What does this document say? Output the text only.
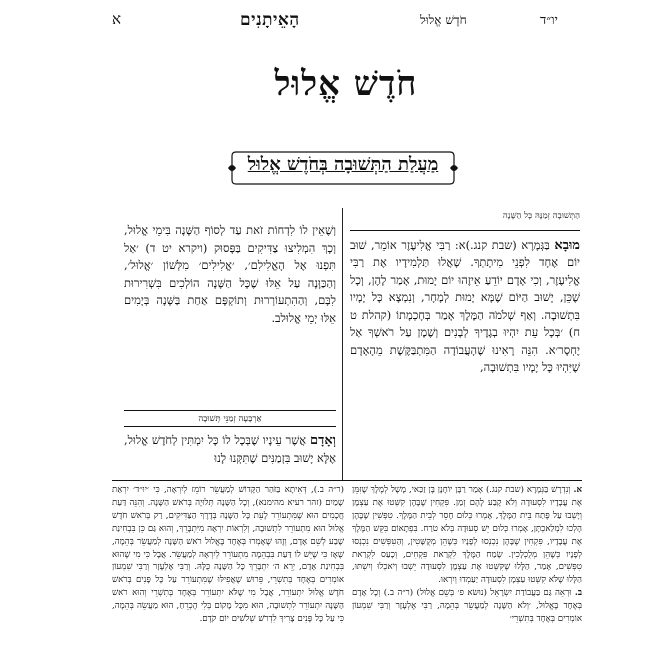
א	הָאֵיתָנִים	חֹדֶשׁ אֱלוּל	יו״ד
חֹדֶשׁ אֱלוּל
מַעֲלַת הַתְּשׁוּבָה בְּחֹדֶשׁ אֱלוּל
הַתְּשׁוּבָה זְמַנָּהּ כָּל הַשָּׁנָה
מוּבָא בַּגְּמָרָא (שבת קנג.)א: רַבִּי אֱלִיעֶזֶר אוֹמֵר, שׁוּב יוֹם אֶחָד לִפְנֵי מִיתָתְךָ. שָׁאֲלוּ תַּלְמִידָיו אֶת רַבִּי אֱלִיעֶזֶר, וְכִי אָדָם יוֹדֵעַ אֵיזֶהוּ יוֹם יָמוּת, אָמַר לָהֶן, וְכָל שֶׁכֵּן, יָשׁוּב הַיּוֹם שֶׁמָּא יָמוּת לְמָחָר, וְנִמְצָא כָּל יָמָיו בִּתְשׁוּבָה. וְאַף שְׁלֹמֹה הַמֶּלֶךְ אָמַר בְּחָכְמָתוֹ (קהלת ט ח) ׳בְּכָל עֵת יִהְיוּ בְגָדֶיךָ לְבָנִים וְשֶׁמֶן עַל רֹאשְׁךָ אַל יֶחְסָר׳א. הִנֵּה רָאִינוּ שֶׁהָעֲבוֹדָה הַמִּתְבַּקֶּשֶׁת מֵהָאָדָם שֶׁיִּהְיוּ כָּל יָמָיו בִּתְשׁוּבָה,
וְשֶׁאֵין לוֹ לִדְחוֹת זֹאת עַד לְסוֹף הַשָּׁנָה בִּימֵי אֱלוּל, וְכָךְ הִמְלִיצוּ צַדִּיקִים בַּפָּסוּק (ויקרא יט ד) ׳אַל תִּפְנוּ אֶל הָאֱלִילִם׳, ׳אֱלִילִים׳ מִלְּשׁוֹן ׳אֱלוּל׳, וְהַכַּוָּנָה עַל אֵלּוּ שֶׁכָּל הַשָּׁנָה הוֹלְכִים בִּשְׁרִירוּת לִבָּם, וְהַהִתְעוֹרְרוּת וְתוֹקְפָּם אַחַת בַּשָּׁנָה בְּיָמִים אֵלּוּ יְמֵי אֱלוּלב.
אַרְבָּעָה זְמַנֵּי תְּשׁוּבָה
וְאָדָם אֲשֶׁר עֵינָיו שֶׁבְּכָל לוֹ כָּל יִמְתִּין לְחֹדֶשׁ אֱלוּל, אֶלָּא יָשׁוּב בִּזְמַנִּים שֶׁתִּקְּנוּ לָנוּ
א. וְנִדְרָשׁ בַּגְּמָרָא (שבת קנג.) אָמַר רַבָּן יוֹחָנָן בֶּן זַכַּאי, מָשָׁל לְמֶלֶךְ שֶׁזִּמֵּן אֶת עֲבָדָיו לִסְעוּדָה וְלֹא קָבַע לָהֶם זְמַן. פִּקְחִין שֶׁבָּהֶן קִשְּׁטוּ אֶת עַצְמָן וְיָשְׁבוּ עַל פֶּתַח בֵּית הַמֶּלֶךְ, אָמְרוּ כְּלוּם חָסֵר לְבֵית הַמֶּלֶךְ. טִפְּשִׁין שֶׁבָּהֶן הָלְכוּ לִמְלַאכְתָּן, אָמְרוּ כְּלוּם יֵשׁ סְעוּדָה בְּלֹא טֹרַח. בִּפְתָאוֹם בִּקֵּשׁ הַמֶּלֶךְ אֶת עֲבָדָיו, פִּקְחִין שֶׁבָּהֶן נִכְנְסוּ לְפָנָיו כְּשֶׁהֵן מְקֻשָּׁטִין, וְהַטִּפְּשִׁים נִכְנְסוּ לְפָנָיו כְּשֶׁהֵן מְלֻכְלָכִין. שָׂמַח הַמֶּלֶךְ לִקְרַאת פִּקְחִים, וְכָעַס לִקְרַאת טִפְּשִׁים, אָמַר, הַלָּלוּ שֶׁקִּשְּׁטוּ אֶת עַצְמָן לִסְעוּדָה יֵשְׁבוּ וְיֹאכְלוּ וְיִשְׁתּוּ, הַלָּלוּ שֶׁלֹּא קִשְּׁטוּ עַצְמָן לִסְעוּדָה יַעַמְדוּ וְיִרְאוּ.
ב. וּרְאֵה גַּם בַּעֲבוֹדַת יִשְׂרָאֵל (נוּשׂא פ׳ בְּשֵׁם אֱלוּל) (ר״ה ב.) וְכָל אָדָם בְּאֶחָד בֶּאֱלוּל, ׳וְלֹא הַשָּׁנָה לְמַעֲשֵׂר בְּהֵמָה, רַבִּי אֶלְעָזָר וְרַבִּי שִׁמְעוֹן אוֹמְרִים בְּאֶחָד בְּתִשְׁרֵי׳
(ר״ה ב.), דְּאִיתָא בַּזֹּהַר הַקָּדוֹשׁ לְמַעֲשֵׂר רוֹמֵז לְיִרְאָה, כִּי ׳יוּ״ד׳ יִרְאַת שָׁמַיִם (זהר רעיא מהימנא), וְכָל הַשָּׁנָה תְּלוּיָה בְּרֹאשׁ הַשָּׁנָה. וְהִנֵּה דַּעַת חֲכָמִים הוּא שֶׁמִּתְעוֹרֵר לָעֵת כָּל הַשָּׁנָה בְּדֶרֶךְ הַצַּדִּיקִים, רַק בְּרֹאשׁ חֹדֶשׁ אֱלוּל הוּא מִתְעוֹרֵר לִתְשׁוּבָה, וְלִרְאוֹת יִרְאָה מִיִּתְבָּרֵךְ, וְהוּא גַּם כֵּן בִּבְחִינַת שֶׁבַע לְשֵׁם אָדָם, וְזֶהוּ שֶׁאָמְרוּ בְּאֶחָד בֶּאֱלוּל רֹאשׁ הַשָּׁנָה לְמַעֲשֵׂר בְּהֵמָה, שֶׁאָז כִּי שֶׁיֵּשׁ לוֹ דַּעַת בִּבְהֵמָה מִתְעוֹרֵר לְיִרְאָה לְמַעֲשֵׂר. אֲבָל כִּי מִי שֶׁהוּא בִּבְחִינַת אָדָם, יְרֵא ה׳ יִתְבָּרֵךְ כָּל הַשָּׁנָה כֻּלָּהּ. וְרַבִּי אֶלְעָזָר וְרַבִּי שִׁמְעוֹן אוֹמְרִים בְּאֶחָד בְּתִשְׁרֵי, פֵּרוּשׁ שֶׁאֲפִילּוּ שֶׁמִּתְעוֹרֵר עַל כָּל פָּנִים בְּרֹאשׁ חֹדֶשׁ אֱלוּל יִתְעוֹרֵר, אֲבָל מִי שֶׁלֹּא יִתְעוֹרֵר בְּאֶחָד בְּתִשְׁרֵי וְהוּא רֹאשׁ הַשָּׁנָה יִתְעוֹרֵר לִתְשׁוּבָה, הוּא מִכָּל מָקוֹם בְּלִי הֶכְרֵחַ, הוּא מַעֲשֵׂה בְּהֵמָה, כִּי עַל כָּל פָּנִים צָרִיךְ לִדְרֹשׁ שְׁלֹשִׁים יוֹם קֹדֶם.
